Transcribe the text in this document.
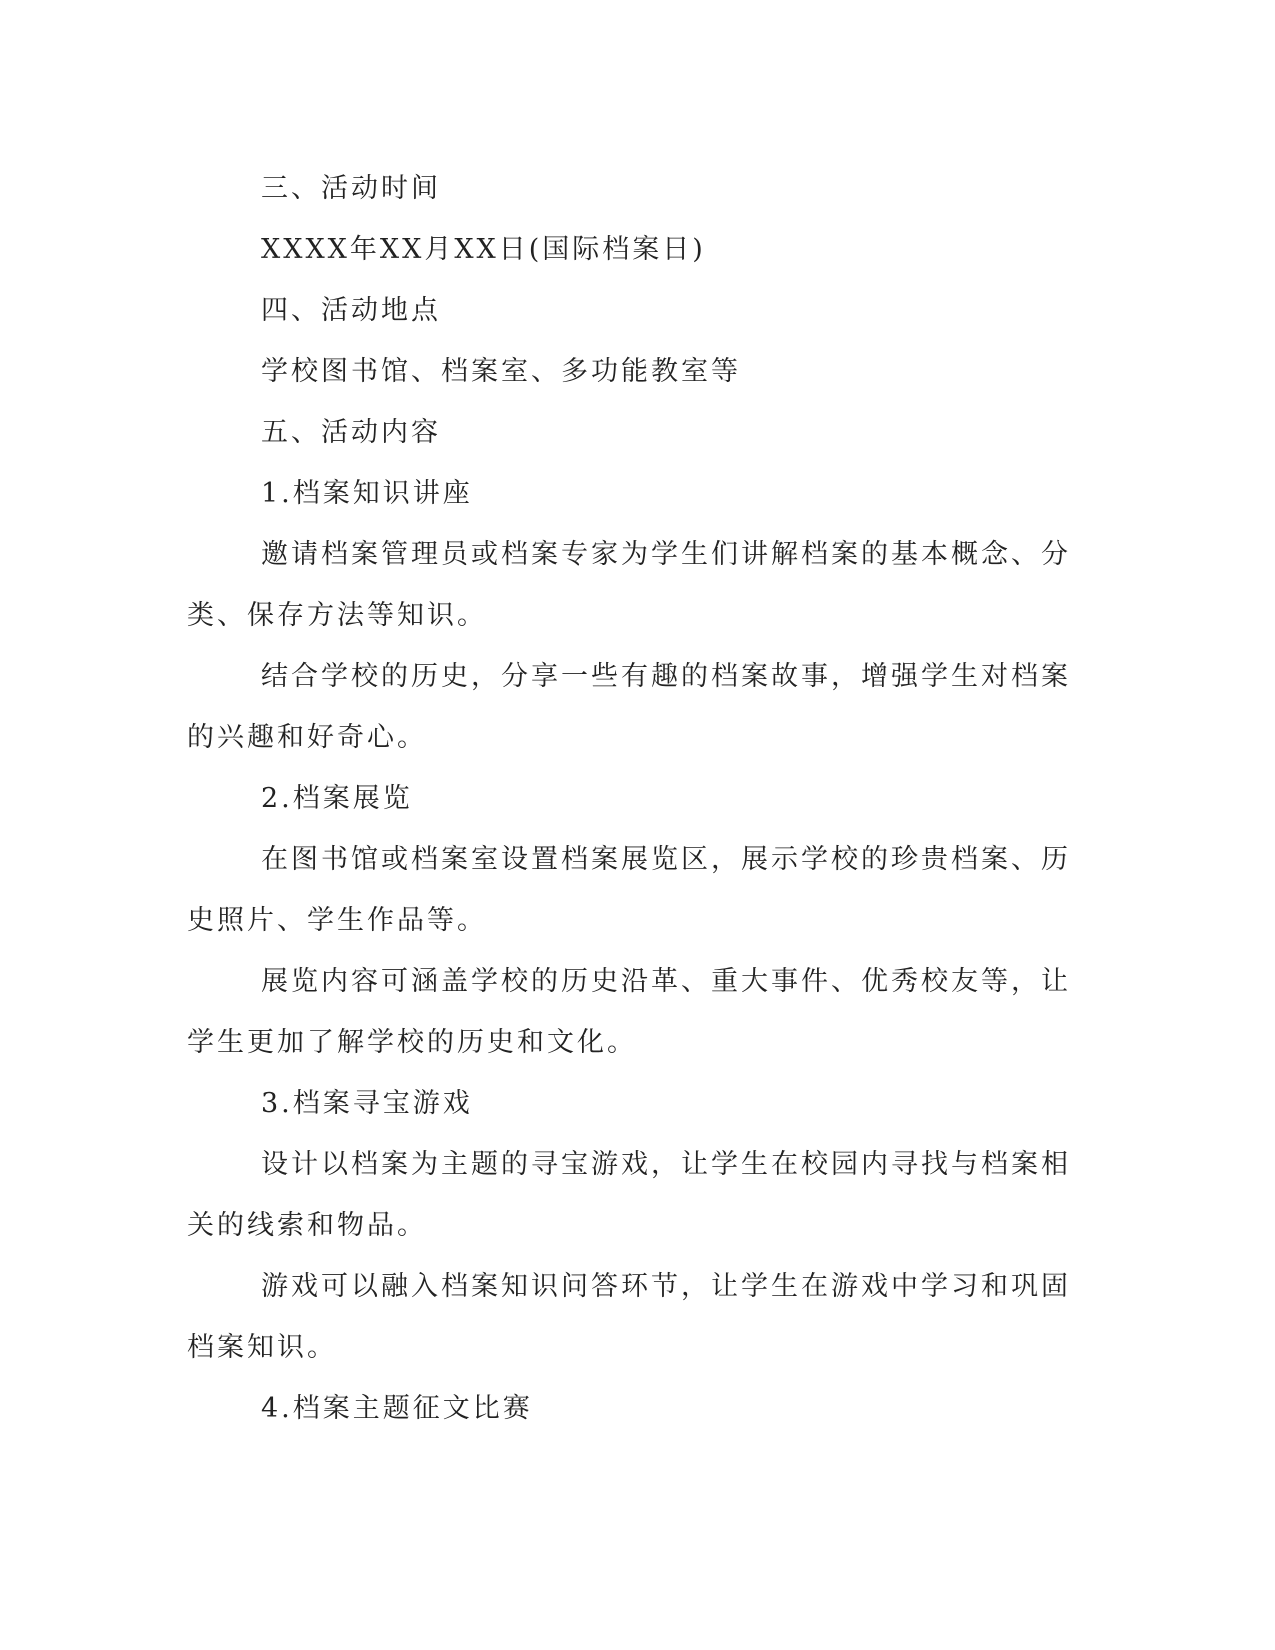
三、活动时间

XXXX年XX月XX日(国际档案日)

四、活动地点

学校图书馆、档案室、多功能教室等

五、活动内容

1.档案知识讲座

邀请档案管理员或档案专家为学生们讲解档案的基本概念、分类、保存方法等知识。

结合学校的历史，分享一些有趣的档案故事，增强学生对档案的兴趣和好奇心。

2.档案展览

在图书馆或档案室设置档案展览区，展示学校的珍贵档案、历史照片、学生作品等。

展览内容可涵盖学校的历史沿革、重大事件、优秀校友等，让学生更加了解学校的历史和文化。

3.档案寻宝游戏

设计以档案为主题的寻宝游戏，让学生在校园内寻找与档案相关的线索和物品。

游戏可以融入档案知识问答环节，让学生在游戏中学习和巩固档案知识。

4.档案主题征文比赛
